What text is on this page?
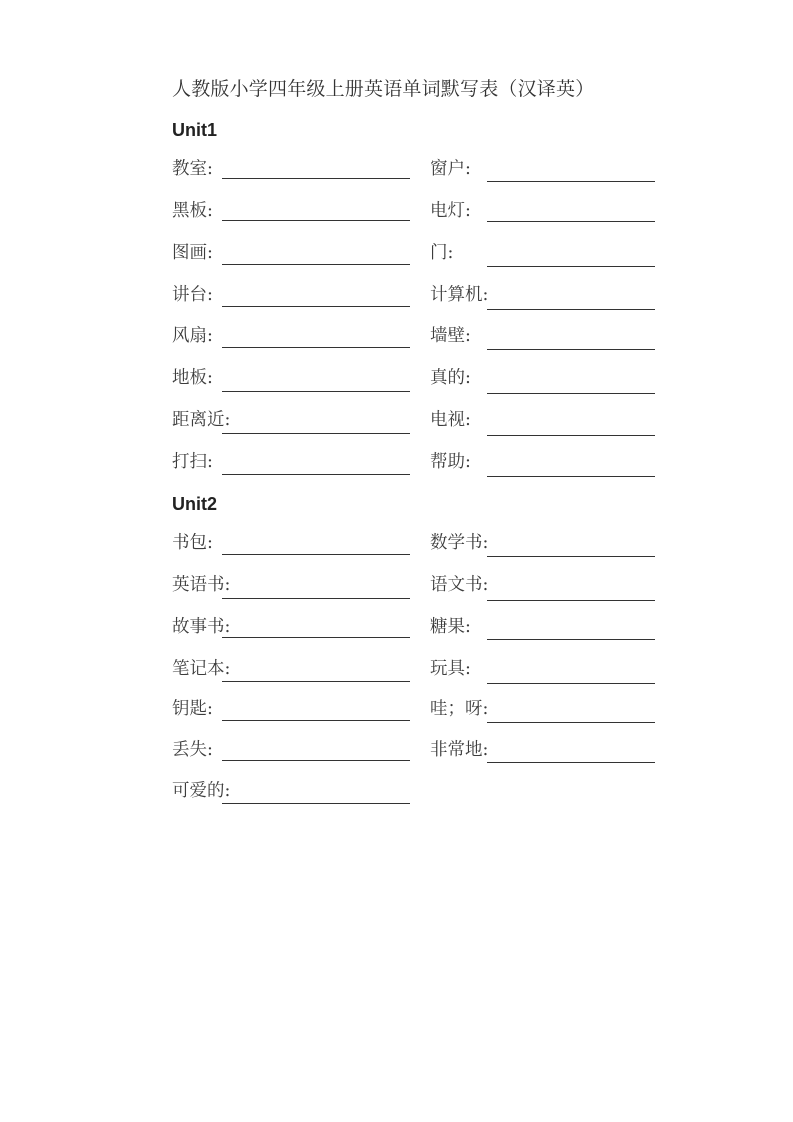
人教版小学四年级上册英语单词默写表（汉译英）
Unit1
教室:	窗户:
黑板:	电灯:
图画:	门:
讲台:	计算机:
风扇:	墙壁:
地板:	真的:
距离近:	电视:
打扫:	帮助:
Unit2
书包:	数学书:
英语书:	语文书:
故事书:	糖果:
笔记本:	玩具:
钥匙:	哇；呀:
丢失:	非常地:
可爱的:
